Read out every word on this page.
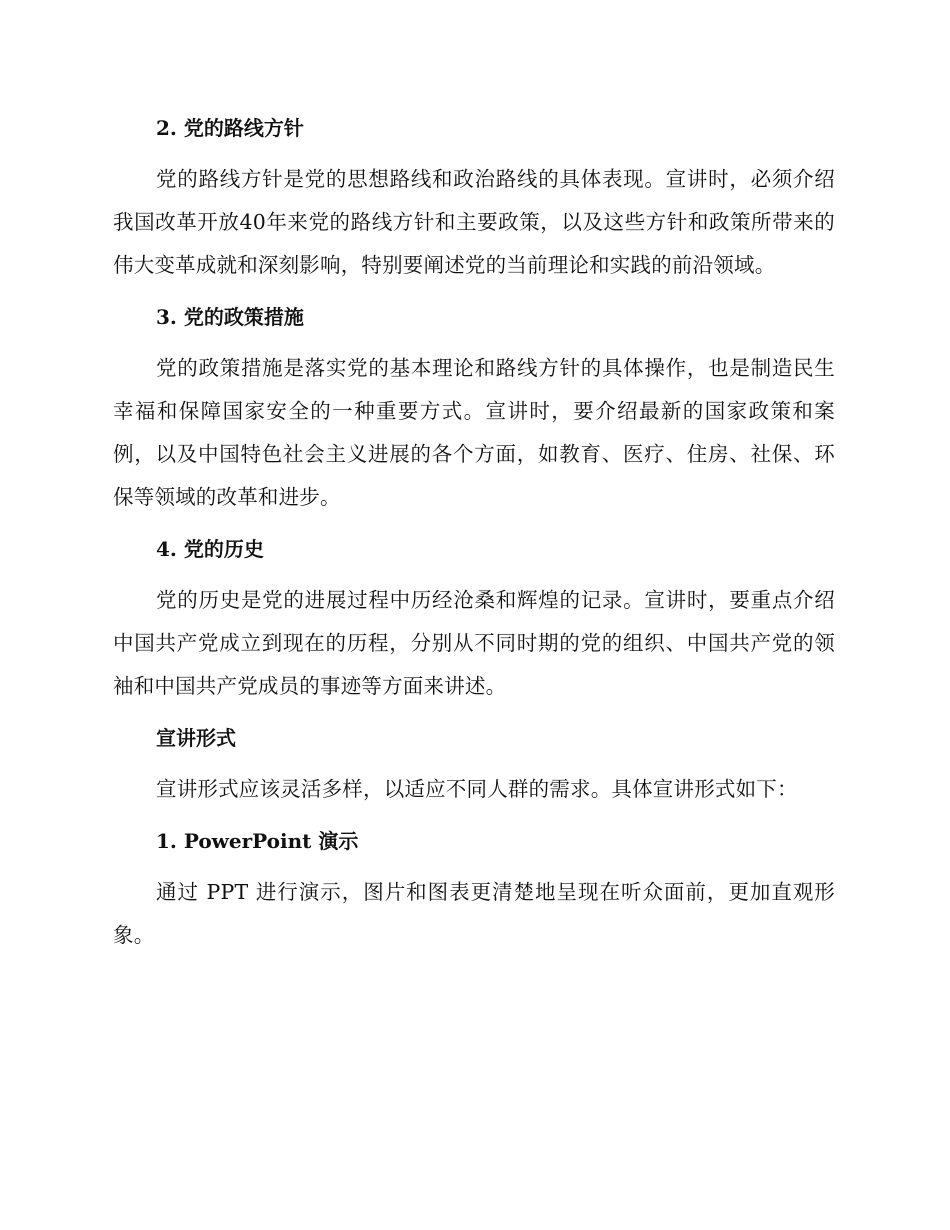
2. 党的路线方针

党的路线方针是党的思想路线和政治路线的具体表现。宣讲时，必须介绍我国改革开放40年来党的路线方针和主要政策，以及这些方针和政策所带来的伟大变革成就和深刻影响，特别要阐述党的当前理论和实践的前沿领域。

3. 党的政策措施

党的政策措施是落实党的基本理论和路线方针的具体操作，也是制造民生幸福和保障国家安全的一种重要方式。宣讲时，要介绍最新的国家政策和案例，以及中国特色社会主义进展的各个方面，如教育、医疗、住房、社保、环保等领域的改革和进步。

4. 党的历史

党的历史是党的进展过程中历经沧桑和辉煌的记录。宣讲时，要重点介绍中国共产党成立到现在的历程，分别从不同时期的党的组织、中国共产党的领袖和中国共产党成员的事迹等方面来讲述。

宣讲形式

宣讲形式应该灵活多样，以适应不同人群的需求。具体宣讲形式如下：

1. PowerPoint 演示

通过 PPT 进行演示，图片和图表更清楚地呈现在听众面前，更加直观形象。
